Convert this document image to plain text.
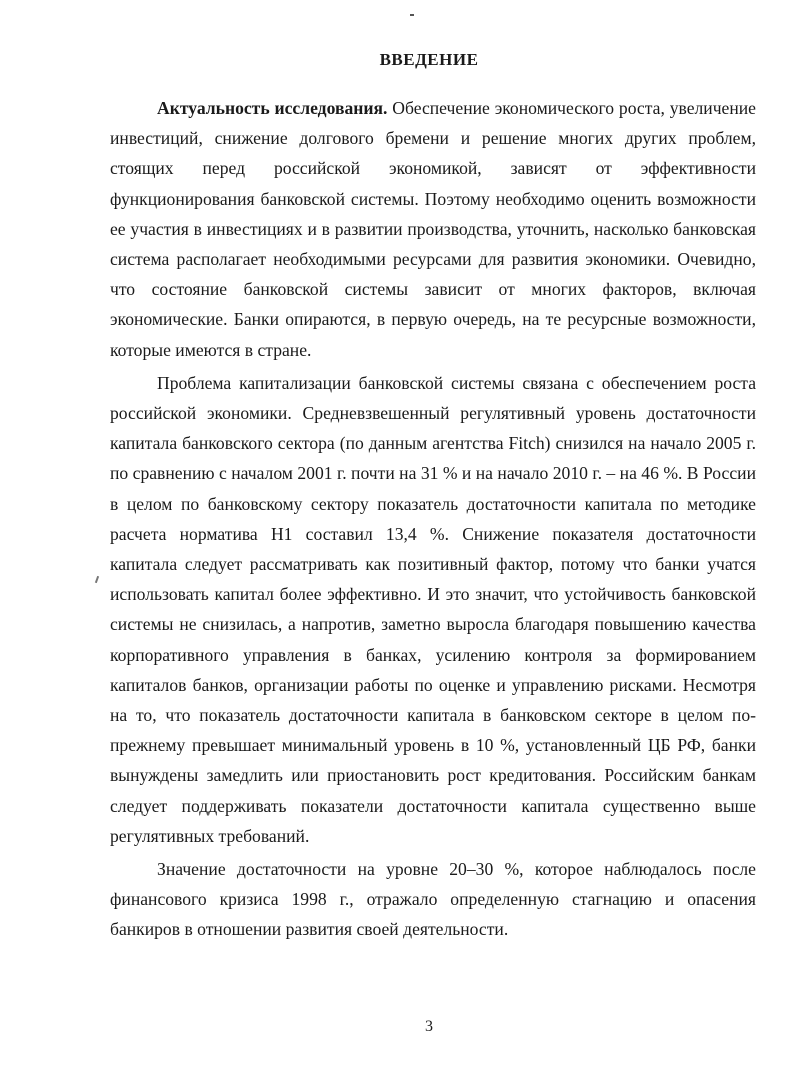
ВВЕДЕНИЕ

Актуальность исследования. Обеспечение экономического роста, увеличение инвестиций, снижение долгового бремени и решение многих других проблем, стоящих перед российской экономикой, зависят от эффективности функционирования банковской системы. Поэтому необходимо оценить возможности ее участия в инвестициях и в развитии производства, уточнить, насколько банковская система располагает необходимыми ресурсами для развития экономики. Очевидно, что состояние банковской системы зависит от многих факторов, включая экономические. Банки опираются, в первую очередь, на те ресурсные возможности, которые имеются в стране.

Проблема капитализации банковской системы связана с обеспечением роста российской экономики. Средневзвешенный регулятивный уровень достаточности капитала банковского сектора (по данным агентства Fitch) снизился на начало 2005 г. по сравнению с началом 2001 г. почти на 31 % и на начало 2010 г. – на 46 %. В России в целом по банковскому сектору показатель достаточности капитала по методике расчета норматива Н1 составил 13,4 %. Снижение показателя достаточности капитала следует рассматривать как позитивный фактор, потому что банки учатся использовать капитал более эффективно. И это значит, что устойчивость банковской системы не снизилась, а напротив, заметно выросла благодаря повышению качества корпоративного управления в банках, усилению контроля за формированием капиталов банков, организации работы по оценке и управлению рисками. Несмотря на то, что показатель достаточности капитала в банковском секторе в целом по-прежнему превышает минимальный уровень в 10 %, установленный ЦБ РФ, банки вынуждены замедлить или приостановить рост кредитования. Российским банкам следует поддерживать показатели достаточности капитала существенно выше регулятивных требований.

Значение достаточности на уровне 20–30 %, которое наблюдалось после финансового кризиса 1998 г., отражало определенную стагнацию и опасения банкиров в отношении развития своей деятельности.

3
